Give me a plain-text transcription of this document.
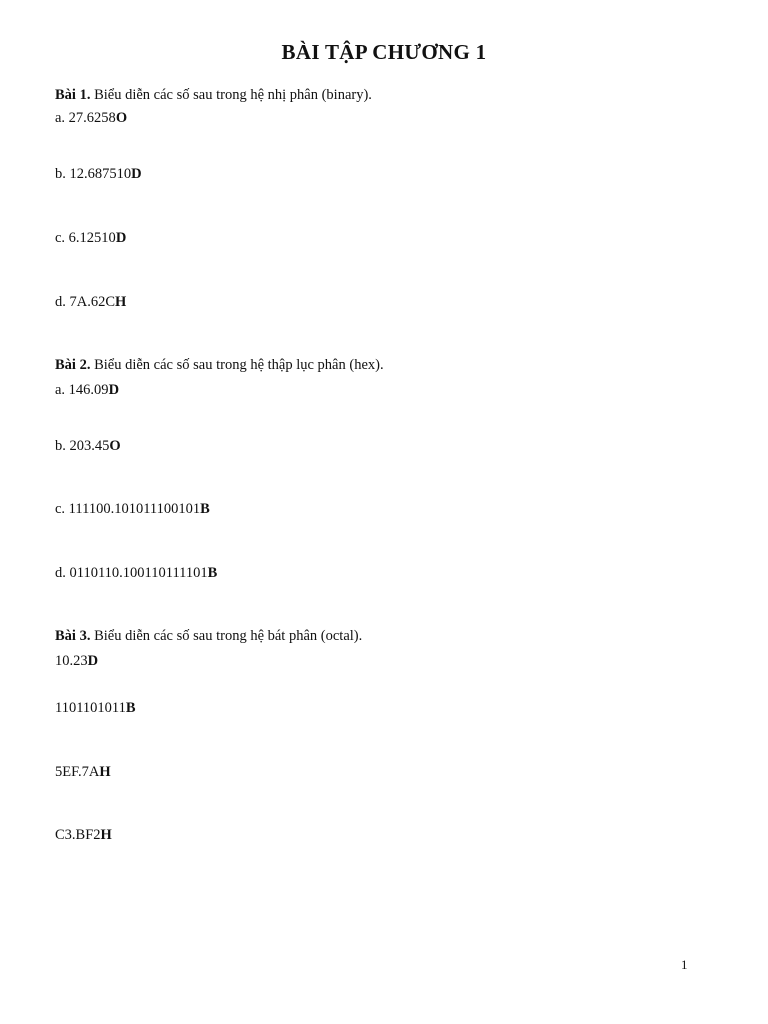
BÀI TẬP CHƯƠNG 1
Bài 1. Biểu diễn các số sau trong hệ nhị phân (binary).
a. 27.6258O
b. 12.687510D
c. 6.12510D
d. 7A.62CH
Bài 2. Biểu diễn các số sau trong hệ thập lục phân (hex).
a. 146.09D
b. 203.45O
c. 111100.101011100101B
d. 0110110.100110111101B
Bài 3. Biểu diễn các số sau trong hệ bát phân (octal).
10.23D
1101101011B
5EF.7AH
C3.BF2H
1
